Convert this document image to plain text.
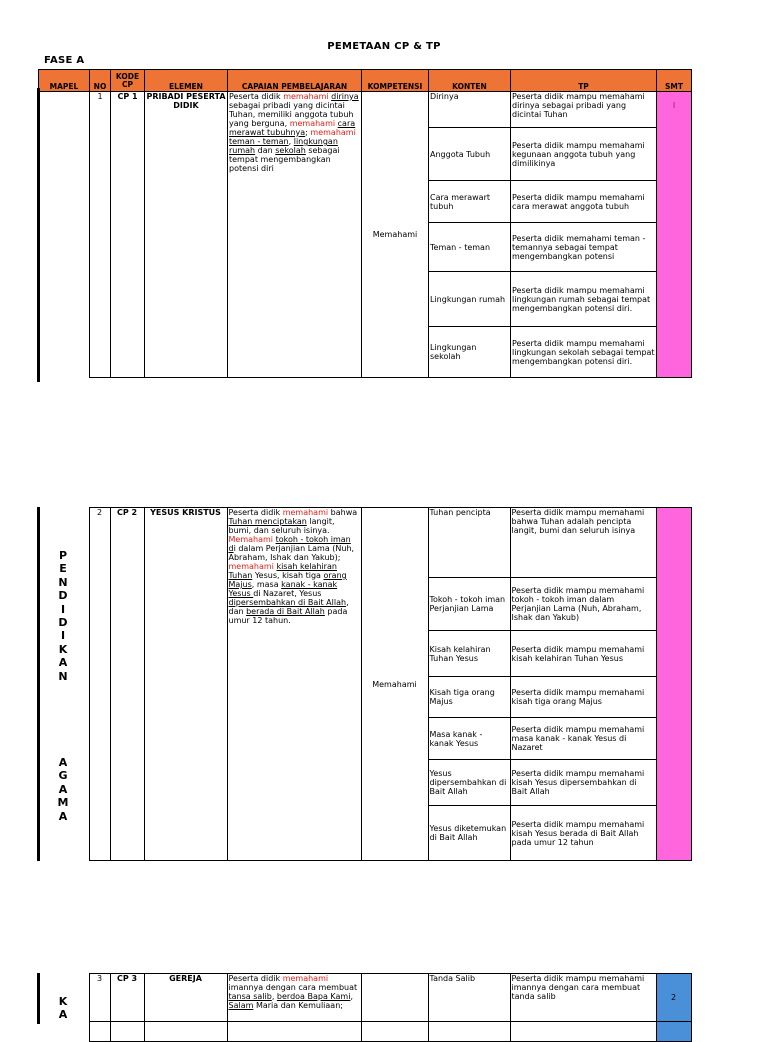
PEMETAAN CP & TP
FASE A
MAPEL	NO	KODE CP	ELEMEN	CAPAIAN PEMBELAJARAN	KOMPETENSI	KONTEN	TP	SMT
	1	CP 1	PRIBADI PESERTA DIDIK	Peserta didik memahami dirinya sebagai pribadi yang dicintai Tuhan, memiliki anggota tubuh yang berguna, memahami cara merawat tubuhnya; memahami teman - teman, lingkungan rumah dan sekolah sebagai tempat mengembangkan potensi diri	Memahami	Dirinya	Peserta didik mampu memahami dirinya sebagai pribadi yang dicintai Tuhan	I
						Anggota Tubuh	Peserta didik mampu memahami kegunaan anggota tubuh yang dimilikinya	
						Cara merawart tubuh	Peserta didik mampu memahami cara merawat anggota tubuh	
						Teman - teman	Peserta didik memahami teman - temannya sebagai tempat mengembangkan potensi	
						Lingkungan rumah	Peserta didik mampu memahami lingkungan rumah sebagai tempat mengembangkan potensi diri.	
						Lingkungan sekolah	Peserta didik mampu memahami lingkungan sekolah sebagai tempat mengembangkan potensi diri.	
	2	CP 2	YESUS KRISTUS	Peserta didik memahami bahwa Tuhan menciptakan langit, bumi, dan seluruh isinya. Memahami tokoh - tokoh iman di dalam Perjanjian Lama (Nuh, Abraham, Ishak dan Yakub); memahami kisah kelahiran Tuhan Yesus, kisah tiga orang Majus, masa kanak - kanak Yesus di Nazaret, Yesus dipersembahkan di Bait Allah, dan berada di Bait Allah pada umur 12 tahun.	Memahami	Tuhan pencipta	Peserta didik mampu memahami bahwa Tuhan adalah pencipta langit, bumi dan seluruh isinya	
						Tokoh - tokoh iman Perjanjian Lama	Peserta didik mampu memahami tokoh - tokoh iman dalam Perjanjian Lama (Nuh, Abraham, Ishak dan Yakub)	
						Kisah kelahiran Tuhan Yesus	Peserta didik mampu memahami kisah kelahiran Tuhan Yesus	
						Kisah tiga orang Majus	Peserta didik mampu memahami kisah tiga orang Majus	
						Masa kanak - kanak Yesus	Peserta didik mampu memahami masa kanak - kanak Yesus di Nazaret	
						Yesus dipersembahkan di Bait Allah	Peserta didik mampu memahami kisah Yesus dipersembahkan di Bait Allah	
						Yesus diketemukan di Bait Allah	Peserta didik mampu memahami kisah Yesus berada di Bait Allah pada umur 12 tahun	
	3	CP 3	GEREJA	Peserta didik memahami imannya dengan cara membuat tansa salib, berdoa Bapa Kami, Salam Maria dan Kemuliaan;		Tanda Salib	Peserta didik mampu memahami imannya dengan cara membuat tanda salib	2

P
E
N
D
I
D
I
K
A
N
A
G
A
M
A
K
A
